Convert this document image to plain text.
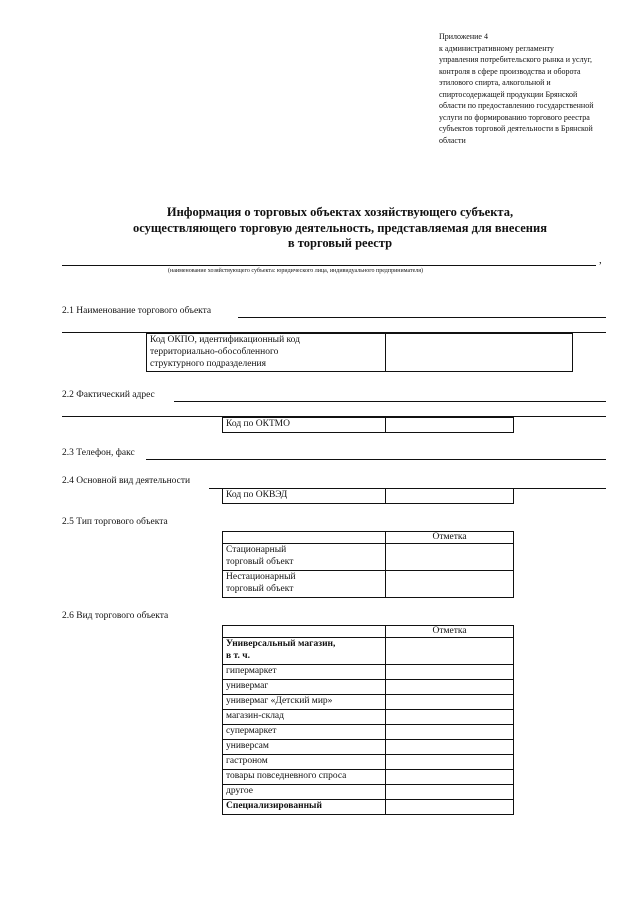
Приложение 4
к административному регламенту
управления потребительского рынка и услуг,
контроля в сфере производства и оборота
этилового спирта, алкогольной и
спиртосодержащей продукции Брянской
области по предоставлению государственной
услуги по формированию торгового реестра
субъектов торговой деятельности в Брянской
области
Информация о торговых объектах хозяйствующего субъекта,
осуществляющего торговую деятельность, представляемая для внесения
в торговый реестр
,
(наименование хозяйствующего субъекта: юридического лица, индивидуального предпринимателя)
2.1 Наименование торгового объекта
Код ОКПО, идентификационный код
территориально-обособленного
структурного подразделения

2.2 Фактический адрес
Код по ОКТМО	
2.3 Телефон, факс
2.4 Основной вид деятельности
Код по ОКВЭД	
2.5 Тип торгового объекта
	Отметка

Стационарный
торговый объект	

Нестационарный
торговый объект	

2.6 Вид торгового объекта
	Отметка

Универсальный магазин,
в т. ч.	

гипермаркет	
универмаг	
универмаг «Детский мир»	
магазин-склад	
супермаркет	
универсам	
гастроном	
товары повседневного спроса	
другое	
Специализированный	
